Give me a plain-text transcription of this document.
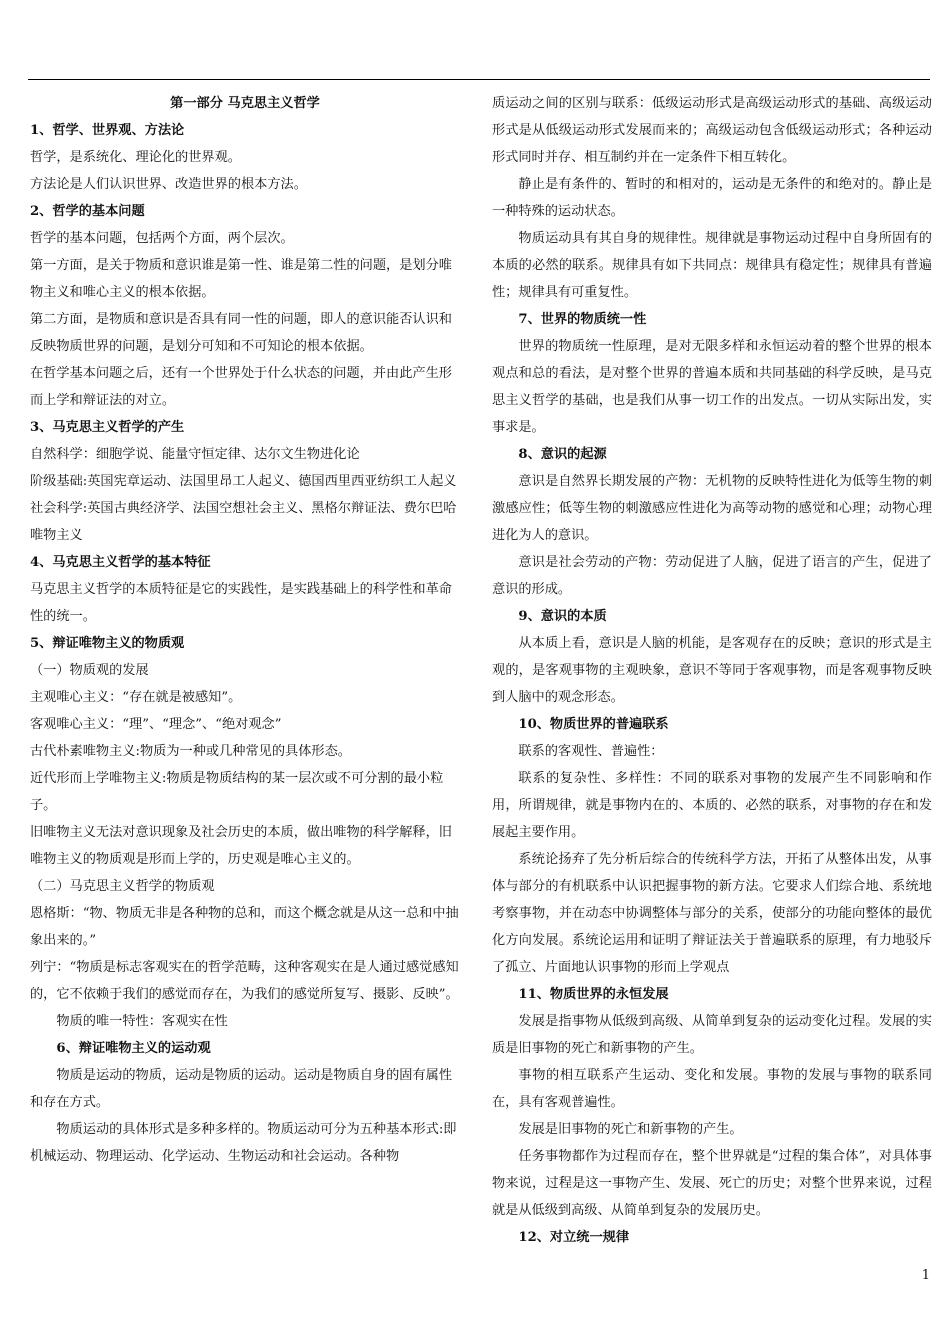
第一部分 马克思主义哲学

1、哲学、世界观、方法论

哲学，是系统化、理论化的世界观。

方法论是人们认识世界、改造世界的根本方法。

2、哲学的基本问题

哲学的基本问题，包括两个方面，两个层次。

第一方面，是关于物质和意识谁是第一性、谁是第二性的问题，是划分唯物主义和唯心主义的根本依据。

第二方面，是物质和意识是否具有同一性的问题，即人的意识能否认识和反映物质世界的问题，是划分可知和不可知论的根本依据。

在哲学基本问题之后，还有一个世界处于什么状态的问题，并由此产生形而上学和辩证法的对立。

3、马克思主义哲学的产生

自然科学：细胞学说、能量守恒定律、达尔文生物进化论

阶级基础:英国宪章运动、法国里昂工人起义、德国西里西亚纺织工人起义

社会科学:英国古典经济学、法国空想社会主义、黑格尔辩证法、费尔巴哈唯物主义

4、马克思主义哲学的基本特征

马克思主义哲学的本质特征是它的实践性，是实践基础上的科学性和革命性的统一。

5、辩证唯物主义的物质观

（一）物质观的发展

主观唯心主义：“存在就是被感知”。

客观唯心主义：“理”、“理念”、“绝对观念”

古代朴素唯物主义:物质为一种或几种常见的具体形态。

近代形而上学唯物主义:物质是物质结构的某一层次或不可分割的最小粒子。

旧唯物主义无法对意识现象及社会历史的本质，做出唯物的科学解释，旧唯物主义的物质观是形而上学的，历史观是唯心主义的。

（二）马克思主义哲学的物质观

恩格斯：“物、物质无非是各种物的总和，而这个概念就是从这一总和中抽象出来的。”

列宁：“物质是标志客观实在的哲学范畴，这种客观实在是人通过感觉感知的，它不依赖于我们的感觉而存在，为我们的感觉所复写、摄影、反映”。

物质的唯一特性：客观实在性

6、辩证唯物主义的运动观

物质是运动的物质，运动是物质的运动。运动是物质自身的固有属性和存在方式。

物质运动的具体形式是多种多样的。物质运动可分为五种基本形式:即机械运动、物理运动、化学运动、生物运动和社会运动。各种物

质运动之间的区别与联系：低级运动形式是高级运动形式的基础、高级运动形式是从低级运动形式发展而来的；高级运动包含低级运动形式；各种运动形式同时并存、相互制约并在一定条件下相互转化。

静止是有条件的、暂时的和相对的，运动是无条件的和绝对的。静止是一种特殊的运动状态。

物质运动具有其自身的规律性。规律就是事物运动过程中自身所固有的本质的必然的联系。规律具有如下共同点：规律具有稳定性；规律具有普遍性；规律具有可重复性。

7、世界的物质统一性

世界的物质统一性原理，是对无限多样和永恒运动着的整个世界的根本观点和总的看法，是对整个世界的普遍本质和共同基础的科学反映，是马克思主义哲学的基础，也是我们从事一切工作的出发点。一切从实际出发，实事求是。

8、意识的起源

意识是自然界长期发展的产物：无机物的反映特性进化为低等生物的刺激感应性；低等生物的刺激感应性进化为高等动物的感觉和心理；动物心理进化为人的意识。

意识是社会劳动的产物：劳动促进了人脑，促进了语言的产生，促进了意识的形成。

9、意识的本质

从本质上看，意识是人脑的机能，是客观存在的反映；意识的形式是主观的，是客观事物的主观映象，意识不等同于客观事物，而是客观事物反映到人脑中的观念形态。

10、物质世界的普遍联系

联系的客观性、普遍性：

联系的复杂性、多样性：不同的联系对事物的发展产生不同影响和作用，所谓规律，就是事物内在的、本质的、必然的联系，对事物的存在和发展起主要作用。

系统论扬弃了先分析后综合的传统科学方法，开拓了从整体出发，从事体与部分的有机联系中认识把握事物的新方法。它要求人们综合地、系统地考察事物，并在动态中协调整体与部分的关系，使部分的功能向整体的最优化方向发展。系统论运用和证明了辩证法关于普遍联系的原理，有力地驳斥了孤立、片面地认识事物的形而上学观点

11、物质世界的永恒发展

发展是指事物从低级到高级、从简单到复杂的运动变化过程。发展的实质是旧事物的死亡和新事物的产生。

事物的相互联系产生运动、变化和发展。事物的发展与事物的联系同在，具有客观普遍性。

发展是旧事物的死亡和新事物的产生。

任务事物都作为过程而存在，整个世界就是“过程的集合体”，对具体事物来说，过程是这一事物产生、发展、死亡的历史；对整个世界来说，过程就是从低级到高级、从简单到复杂的发展历史。

12、对立统一规律

1
